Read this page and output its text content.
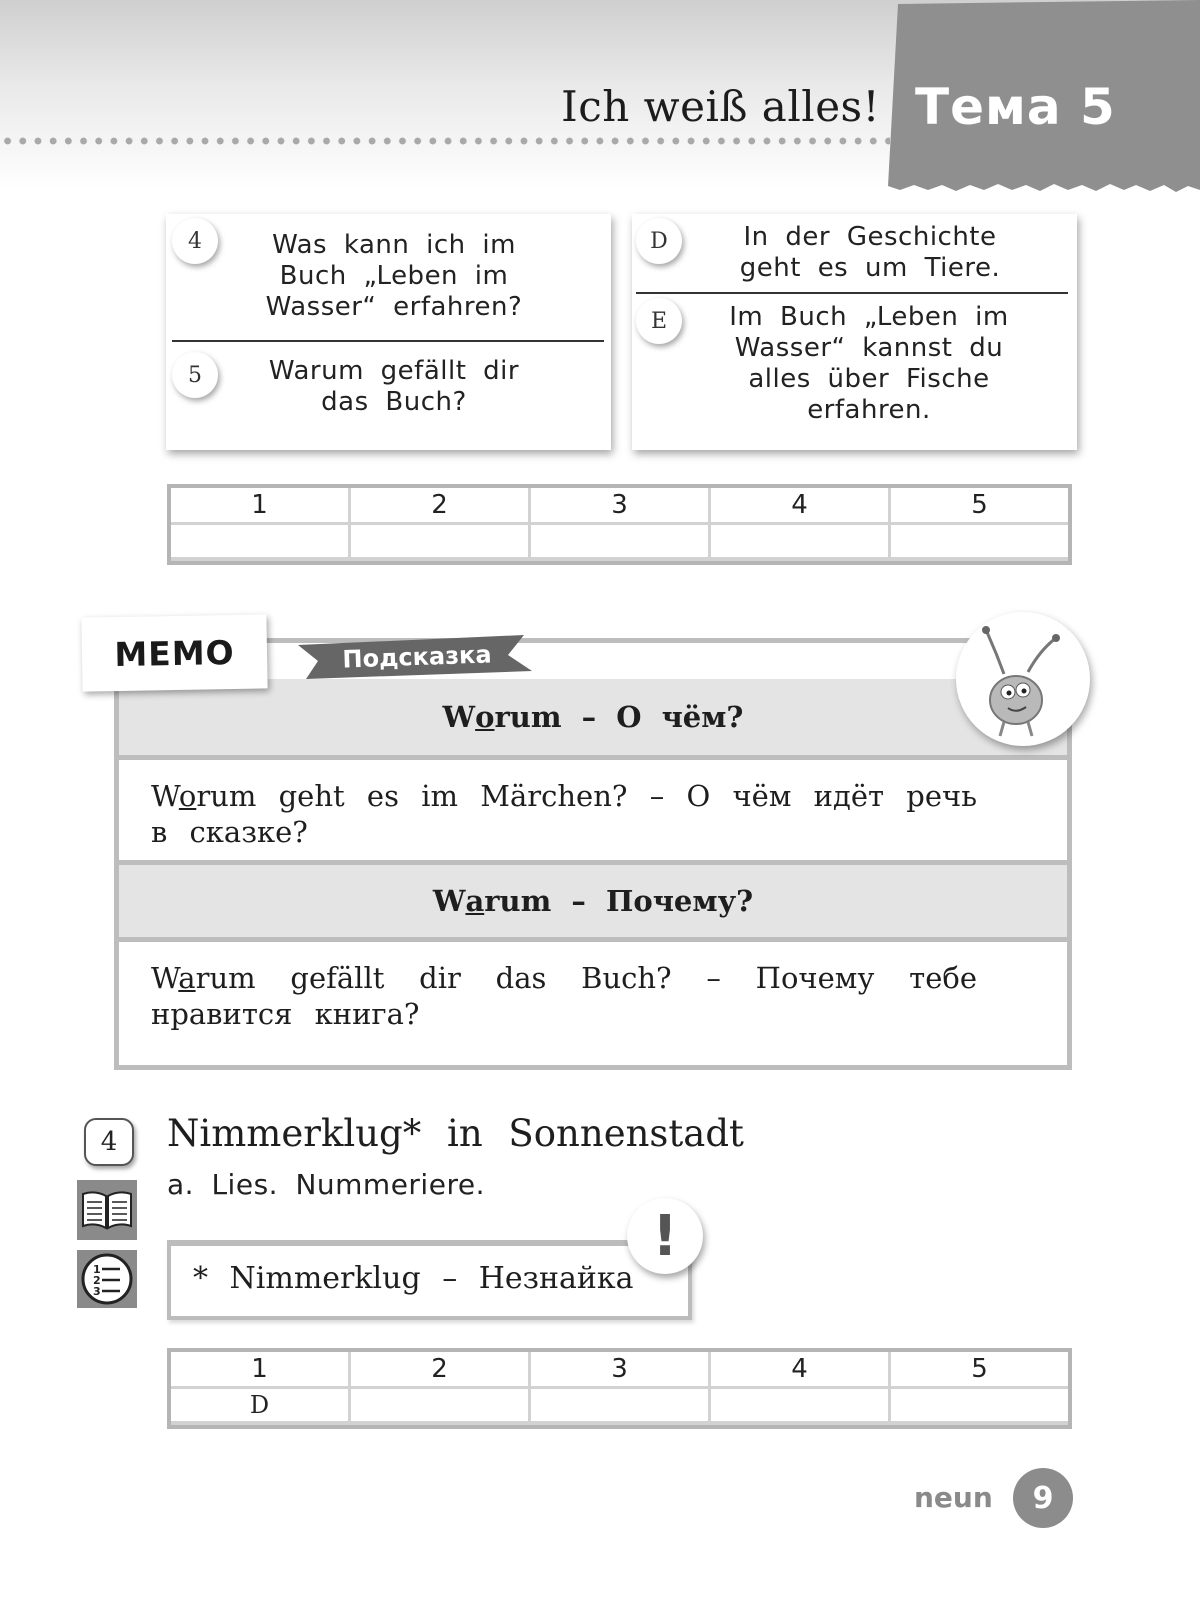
Ich weiß alles! Тема 5
4	Was kann ich im Buch „Leben im Wasser“ erfahren?
5	Warum gefällt dir das Buch?
D	In der Geschichte geht es um Tiere.
E	Im Buch „Leben im Wasser“ kannst du alles über Fische erfahren.
1	2	3	4	5
W o rum – О чём?
Worum geht es im Märchen? – О чём идёт речь в сказке?
W a rum – Почему?
Warum gefällt dir das Buch? – Почему тебе нравится книга?
MEMO	Подсказка
4	Nimmerklug* in Sonnenstadt
a. Lies. Nummeriere.
1
2
3	* Nimmerklug – Незнайка
!
1	2	3	4	5
D
neun	9
